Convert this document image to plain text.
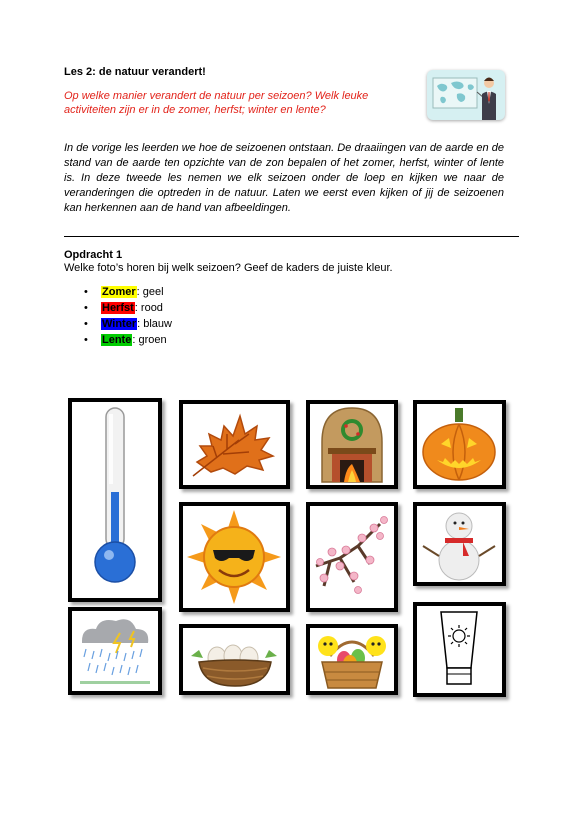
Les 2: de natuur verandert!
Op welke manier verandert de natuur per seizoen? Welk leuke activiteiten zijn er in de zomer, herfst; winter en lente?
In de vorige les leerden we hoe de seizoenen ontstaan. De draaiingen van de aarde en de stand van de aarde ten opzichte van de zon bepalen of het zomer, herfst, winter of lente is. In deze tweede les nemen we elk seizoen onder de loep en kijken we naar de veranderingen die optreden in de natuur. Laten we eerst even kijken of jij de seizoenen kan herkennen aan de hand van afbeeldingen.
Opdracht 1
Welke foto’s horen bij welk seizoen? Geef de kaders de juiste kleur.
• Zomer: geel
• Herfst: rood
• Winter: blauw
• Lente: groen
